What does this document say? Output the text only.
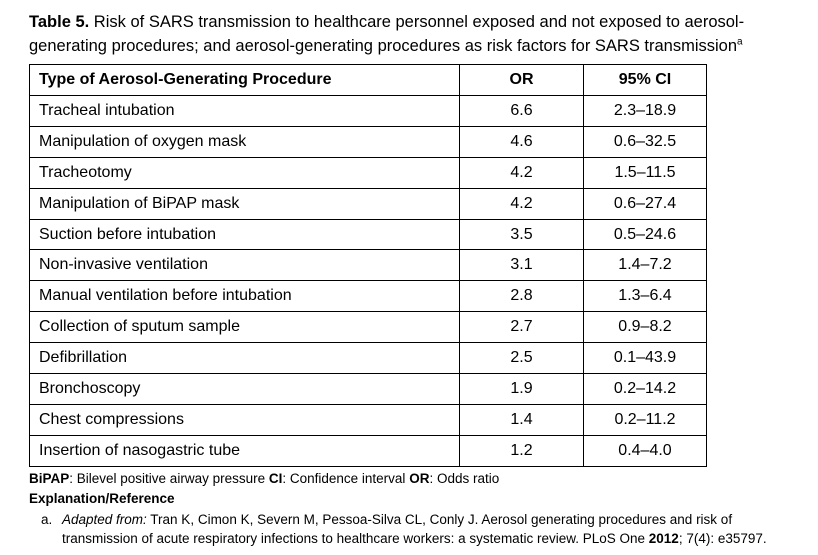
Table 5. Risk of SARS transmission to healthcare personnel exposed and not exposed to aerosol-generating procedures; and aerosol-generating procedures as risk factors for SARS transmission$^a$
Type of Aerosol-Generating Procedure	OR	95% CI
Tracheal intubation	6.6	2.3–18.9
Manipulation of oxygen mask	4.6	0.6–32.5
Tracheotomy	4.2	1.5–11.5
Manipulation of BiPAP mask	4.2	0.6–27.4
Suction before intubation	3.5	0.5–24.6
Non-invasive ventilation	3.1	1.4–7.2
Manual ventilation before intubation	2.8	1.3–6.4
Collection of sputum sample	2.7	0.9–8.2
Defibrillation	2.5	0.1–43.9
Bronchoscopy	1.9	0.2–14.2
Chest compressions	1.4	0.2–11.2
Insertion of nasogastric tube	1.2	0.4–4.0
BiPAP: Bilevel positive airway pressure CI: Confidence interval OR: Odds ratio
Explanation/Reference
a. Adapted from: Tran K, Cimon K, Severn M, Pessoa-Silva CL, Conly J. Aerosol generating procedures and risk of transmission of acute respiratory infections to healthcare workers: a systematic review. PLoS One 2012; 7(4): e35797.
